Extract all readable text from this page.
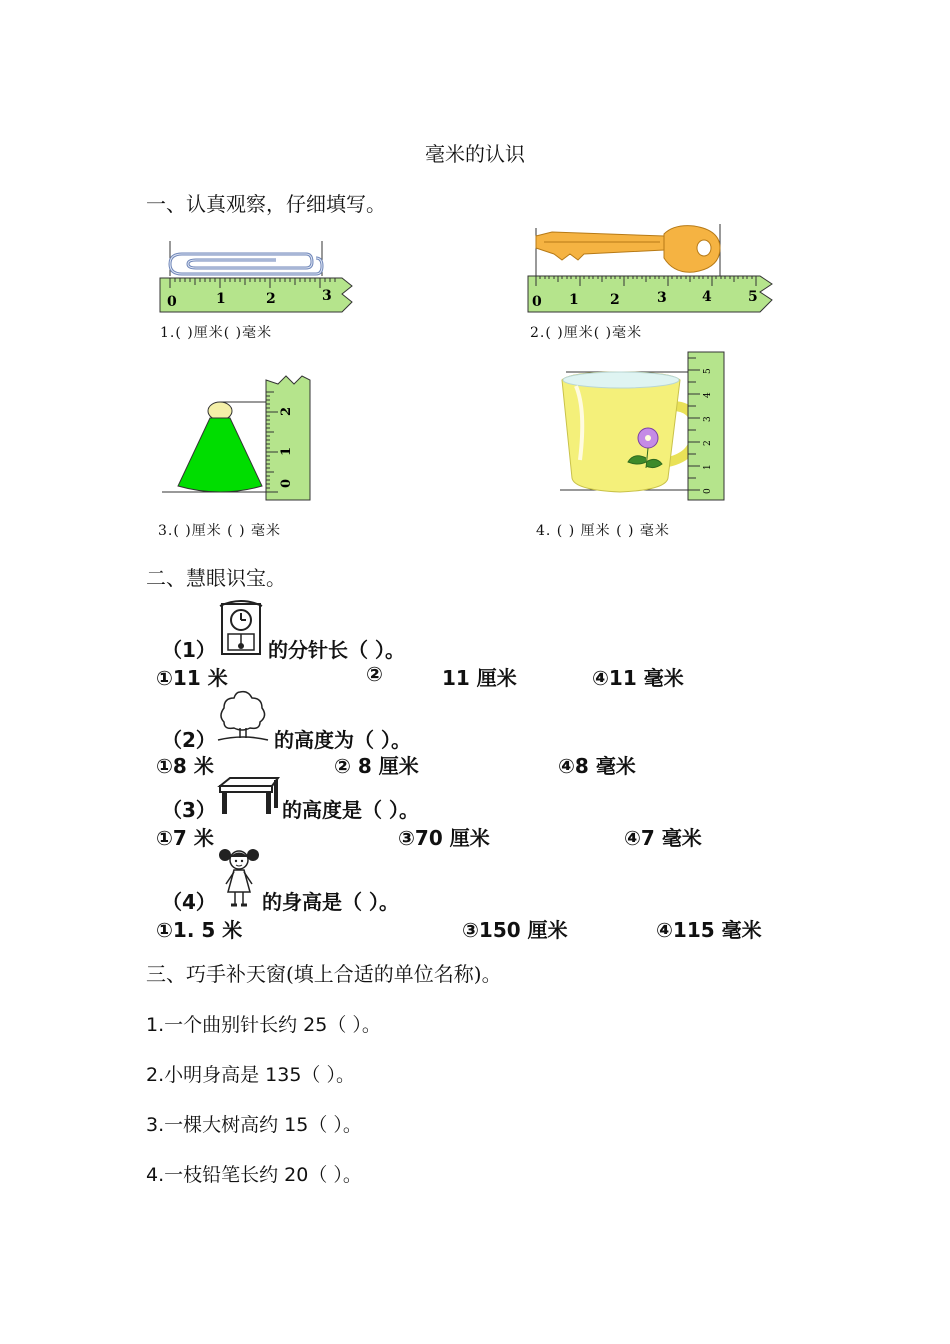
毫米的认识
一、认真观察，仔细填写。
0	1	2	3
1.( )厘米( )毫米
0 1 2	3	4	5
2.( )厘米( )毫米
0
1
2
3.( )厘米 ( ) 毫米
0
1
2
3
4
5
4. ( ) 厘米 ( ) 毫米
二、慧眼识宝。
（1）	的分针长（ ）。
①11 米	②	11 厘米	④11 毫米
（2）	的高度为（ ）。
①8 米	② 8 厘米	④8 毫米
（3）	的高度是（ ）。
①7 米	③70 厘米	④7 毫米
（4） 的身高是（ ）。
①1. 5 米	③150 厘米	④115 毫米
三、巧手补天窗(填上合适的单位名称)。
1.一个曲别针长约 25（ ）。
2.小明身高是 135（ ）。
3.一棵大树高约 15（ ）。
4.一枝铅笔长约 20（ ）。
